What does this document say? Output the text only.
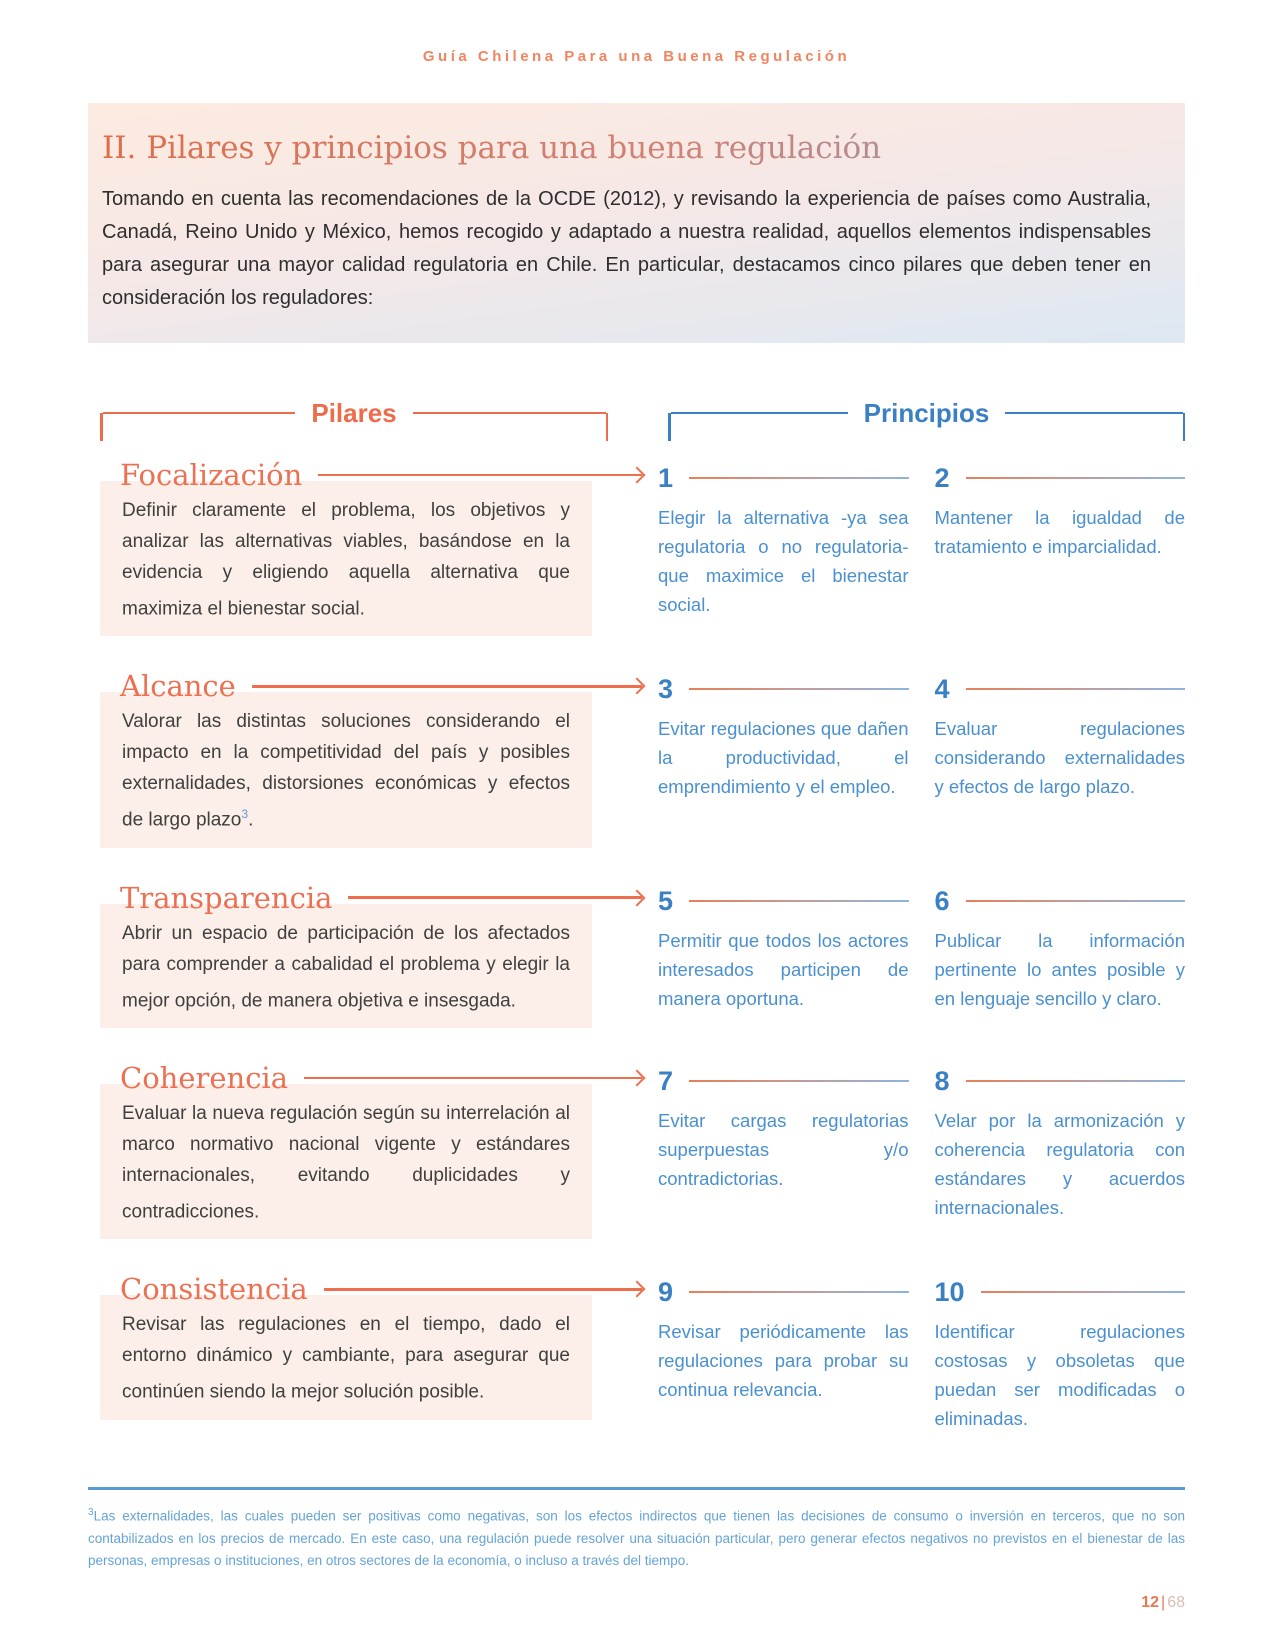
Guía Chilena Para una Buena Regulación
II. Pilares y principios para una buena regulación

Tomando en cuenta las recomendaciones de la OCDE (2012), y revisando la experiencia de países como Australia, Canadá, Reino Unido y México, hemos recogido y adaptado a nuestra realidad, aquellos elementos indispensables para asegurar una mayor calidad regulatoria en Chile. En particular, destacamos cinco pilares que deben tener en consideración los reguladores:

Pilares	Principios
Focalización
Definir claramente el problema, los objetivos y analizar las alternativas viables, basándose en la evidencia y eligiendo aquella alternativa que maximiza el bienestar social.
1
Elegir la alternativa -ya sea regulatoria o no regulatoria- que maximice el bienestar social.
2
Mantener la igualdad de tratamiento e imparcialidad.
Alcance
Valorar las distintas soluciones considerando el impacto en la competitividad del país y posibles externalidades, distorsiones económicas y efectos de largo plazo$^3$.
3
Evitar regulaciones que dañen la productividad, el emprendimiento y el empleo.
4
Evaluar regulaciones considerando externalidades y efectos de largo plazo.
Transparencia
Abrir un espacio de participación de los afectados para comprender a cabalidad el problema y elegir la mejor opción, de manera objetiva e insesgada.
5
Permitir que todos los actores interesados participen de manera oportuna.
6
Publicar la información pertinente lo antes posible y en lenguaje sencillo y claro.
Coherencia
Evaluar la nueva regulación según su interrelación al marco normativo nacional vigente y estándares internacionales, evitando duplicidades y contradicciones.
7
Evitar cargas regulatorias superpuestas y/o contradictorias.
8
Velar por la armonización y coherencia regulatoria con estándares y acuerdos internacionales.
Consistencia
Revisar las regulaciones en el tiempo, dado el entorno dinámico y cambiante, para asegurar que continúen siendo la mejor solución posible.
9
Revisar periódicamente las regulaciones para probar su continua relevancia.
10
Identificar regulaciones costosas y obsoletas que puedan ser modificadas o eliminadas.
$^3$Las externalidades, las cuales pueden ser positivas como negativas, son los efectos indirectos que tienen las decisiones de consumo o inversión en terceros, que no son contabilizados en los precios de mercado. En este caso, una regulación puede resolver una situación particular, pero generar efectos negativos no previstos en el bienestar de las personas, empresas o instituciones, en otros sectores de la economía, o incluso a través del tiempo.
12 | 68
